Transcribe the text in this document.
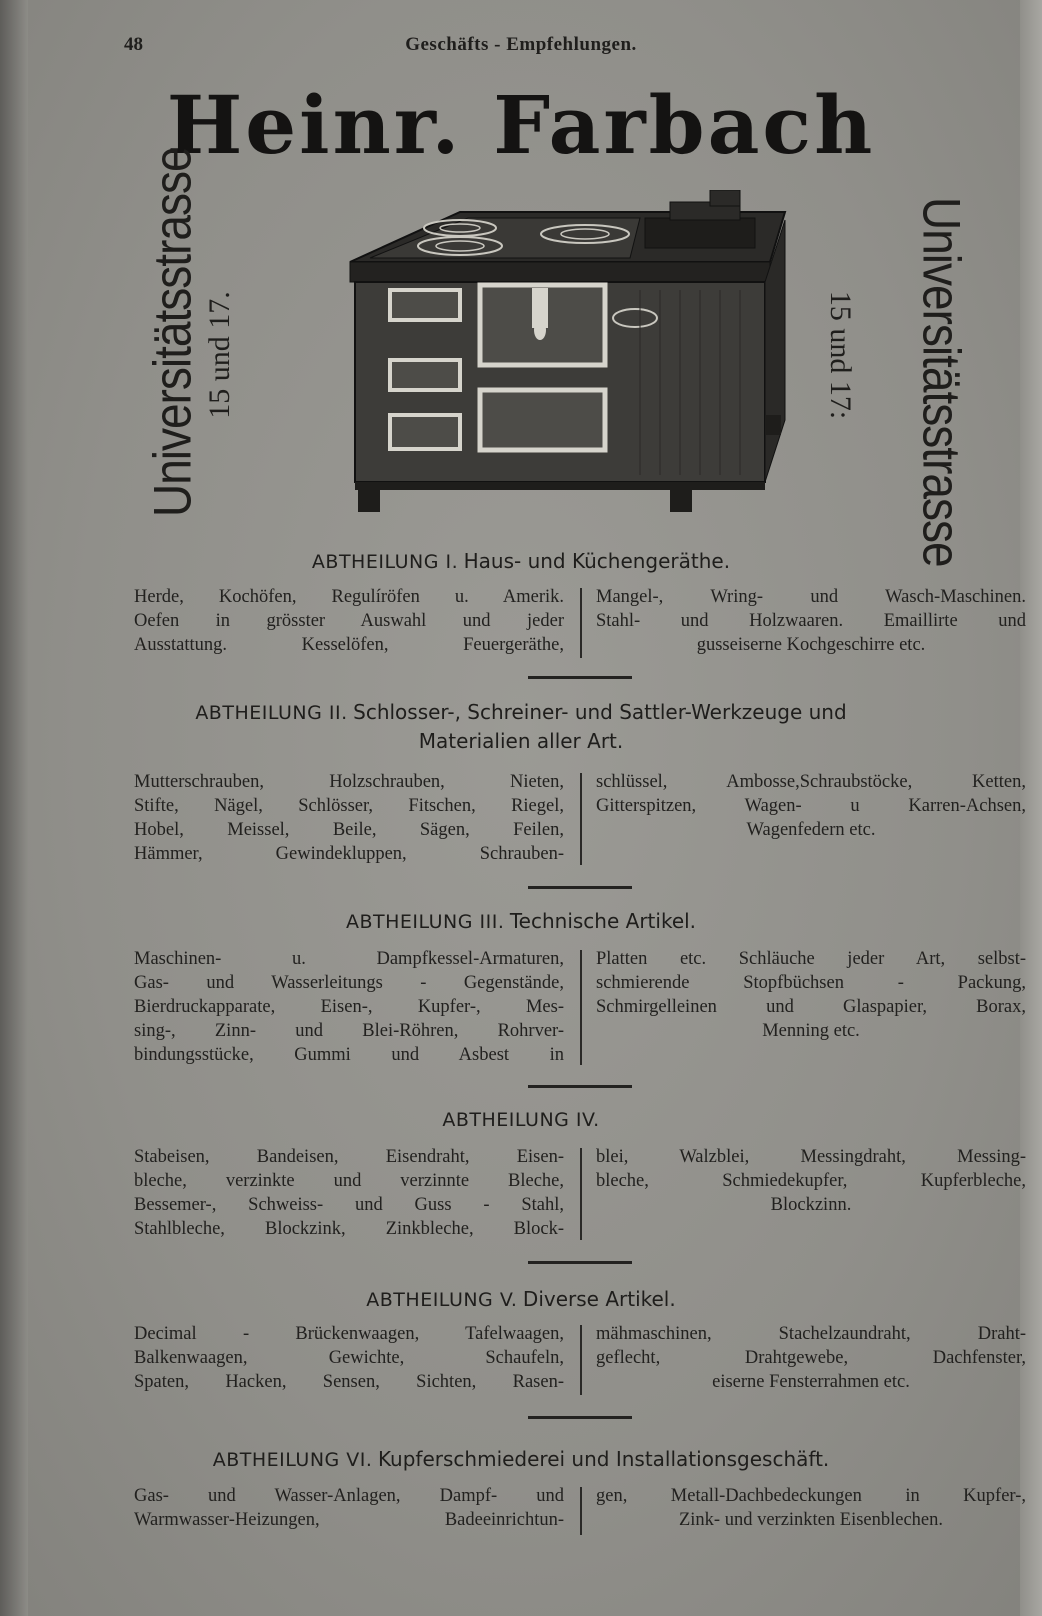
48	Geschäfts - Empfehlungen.
Heinr. Farbach
Universitätsstrasse 15 und 17.	Universitätsstrasse
15 und 17:
ABTHEILUNG I. Haus- und Küchengeräthe.
Herde, Kochöfen, Regulíröfen u. Amerik.
Oefen in grösster Auswahl und jeder
Ausstattung. Kesselöfen, Feuergeräthe,
Mangel-, Wring- und Wasch-Maschinen.
Stahl- und Holzwaaren. Emaillirte und
gusseiserne Kochgeschirre etc.
ABTHEILUNG II. Schlosser-, Schreiner- und Sattler-Werkzeuge und
Materialien aller Art.
Mutterschrauben, Holzschrauben, Nieten,
Stifte, Nägel, Schlösser, Fitschen, Riegel,
Hobel, Meissel, Beile, Sägen, Feilen,
Hämmer, Gewindekluppen, Schrauben-
schlüssel, Ambosse,Schraubstöcke, Ketten,
Gitterspitzen, Wagen- u Karren-Achsen,
Wagenfedern etc.
ABTHEILUNG III. Technische Artikel.
Maschinen- u. Dampfkessel-Armaturen,
Gas- und Wasserleitungs - Gegenstände,
Bierdruckapparate, Eisen-, Kupfer-, Mes-
sing-, Zinn- und Blei-Röhren, Rohrver-
bindungsstücke, Gummi und Asbest in
Platten etc. Schläuche jeder Art, selbst-
schmierende Stopfbüchsen - Packung,
Schmirgelleinen und Glaspapier, Borax,
Menning etc.
ABTHEILUNG IV.
Stabeisen, Bandeisen, Eisendraht, Eisen-
bleche, verzinkte und verzinnte Bleche,
Bessemer-, Schweiss- und Guss - Stahl,
Stahlbleche, Blockzink, Zinkbleche, Block-
blei, Walzblei, Messingdraht, Messing-
bleche, Schmiedekupfer, Kupferbleche,
Blockzinn.
ABTHEILUNG V. Diverse Artikel.
Decimal - Brückenwaagen, Tafelwaagen,
Balkenwaagen, Gewichte, Schaufeln,
Spaten, Hacken, Sensen, Sichten, Rasen-
mähmaschinen, Stachelzaundraht, Draht-
geflecht, Drahtgewebe, Dachfenster,
eiserne Fensterrahmen etc.
ABTHEILUNG VI. Kupferschmiederei und Installationsgeschäft.
Gas- und Wasser-Anlagen, Dampf- und
Warmwasser-Heizungen, Badeeinrichtun-
gen, Metall-Dachbedeckungen in Kupfer-,
Zink- und verzinkten Eisenblechen.
